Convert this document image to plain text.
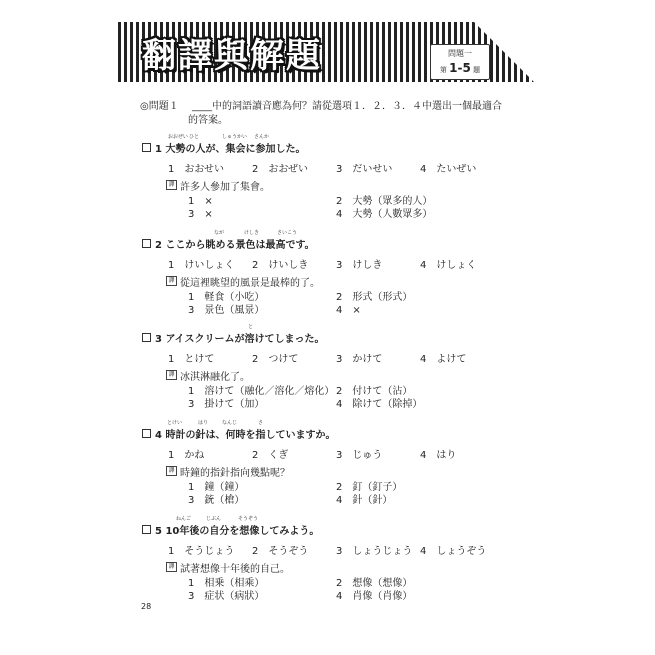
翻譯與解題	問題一
第 1-5 題
◎問題１ ____中的詞語讀音應為何？請從選項１．２．３．４中選出一個最適合
的答案。
1 大勢の人が、集会に参加した。
おおぜい ひと	しゅうかい さんか
1　おおせい	2　おおぜい	3　だいせい	4　たいぜい
譯 許多人參加了集會。
1　×	2　大勢（眾多的人）
3　×	4　大勢（人數眾多）
2 ここから眺める景色は最高です。
なが	けしき	さいこう
1　けいしょく 2　けいしき	3　けしき	4　けしょく
譯 從這裡眺望的風景是最棒的了。
1　軽食（小吃）	2　形式（形式）
3　景色（風景）	4　×
3 アイスクリームが溶けてしまった。
と
1　とけて	2　つけて	3　かけて	4　よけて
譯 冰淇淋融化了。
1　溶けて（融化／溶化／熔化） 2　付けて（沾）
3　掛けて（加）	4　除けて（除掉）
4 時計の針は、何時を指していますか。
とけい	はり	なんじ	さ
1　かね	2　くぎ	3　じゅう	4　はり
譯 時鐘的指針指向幾點呢？
1　鐘（鐘）	2　釘（釘子）
3　銃（槍）	4　針（針）
5 10年後の自分を想像してみよう。
ねんご	じぶん	そうぞう
1　そうじょう 2　そうぞう	3　しょうじょう 4　しょうぞう
譯 試著想像十年後的自己。
1　相乗（相乘）	2　想像（想像）
3　症状（病狀）	4　肖像（肖像）
28
